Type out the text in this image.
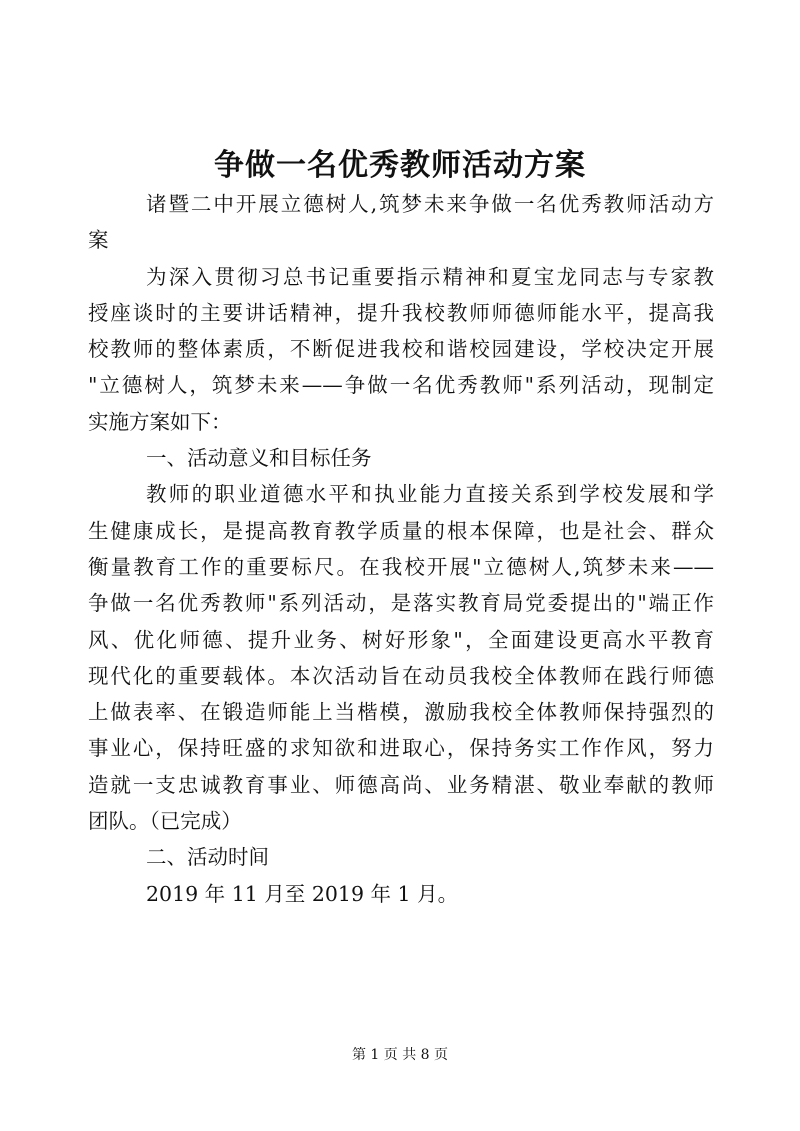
争做一名优秀教师活动方案
诸暨二中开展立德树人,筑梦未来争做一名优秀教师活动方
案
为深入贯彻习总书记重要指示精神和夏宝龙同志与专家教
授座谈时的主要讲话精神，提升我校教师师德师能水平，提高我
校教师的整体素质，不断促进我校和谐校园建设，学校决定开展
"立德树人，筑梦未来——争做一名优秀教师"系列活动，现制定
实施方案如下：
一、活动意义和目标任务
教师的职业道德水平和执业能力直接关系到学校发展和学
生健康成长，是提高教育教学质量的根本保障，也是社会、群众
衡量教育工作的重要标尺。在我校开展"立德树人,筑梦未来——
争做一名优秀教师"系列活动，是落实教育局党委提出的"端正作
风、优化师德、提升业务、树好形象"，全面建设更高水平教育
现代化的重要载体。本次活动旨在动员我校全体教师在践行师德
上做表率、在锻造师能上当楷模，激励我校全体教师保持强烈的
事业心，保持旺盛的求知欲和进取心，保持务实工作作风，努力
造就一支忠诚教育事业、师德高尚、业务精湛、敬业奉献的教师
团队。（已完成）
二、活动时间
2019 年 11 月至 2019 年 1 月。

第 1 页 共 8 页
